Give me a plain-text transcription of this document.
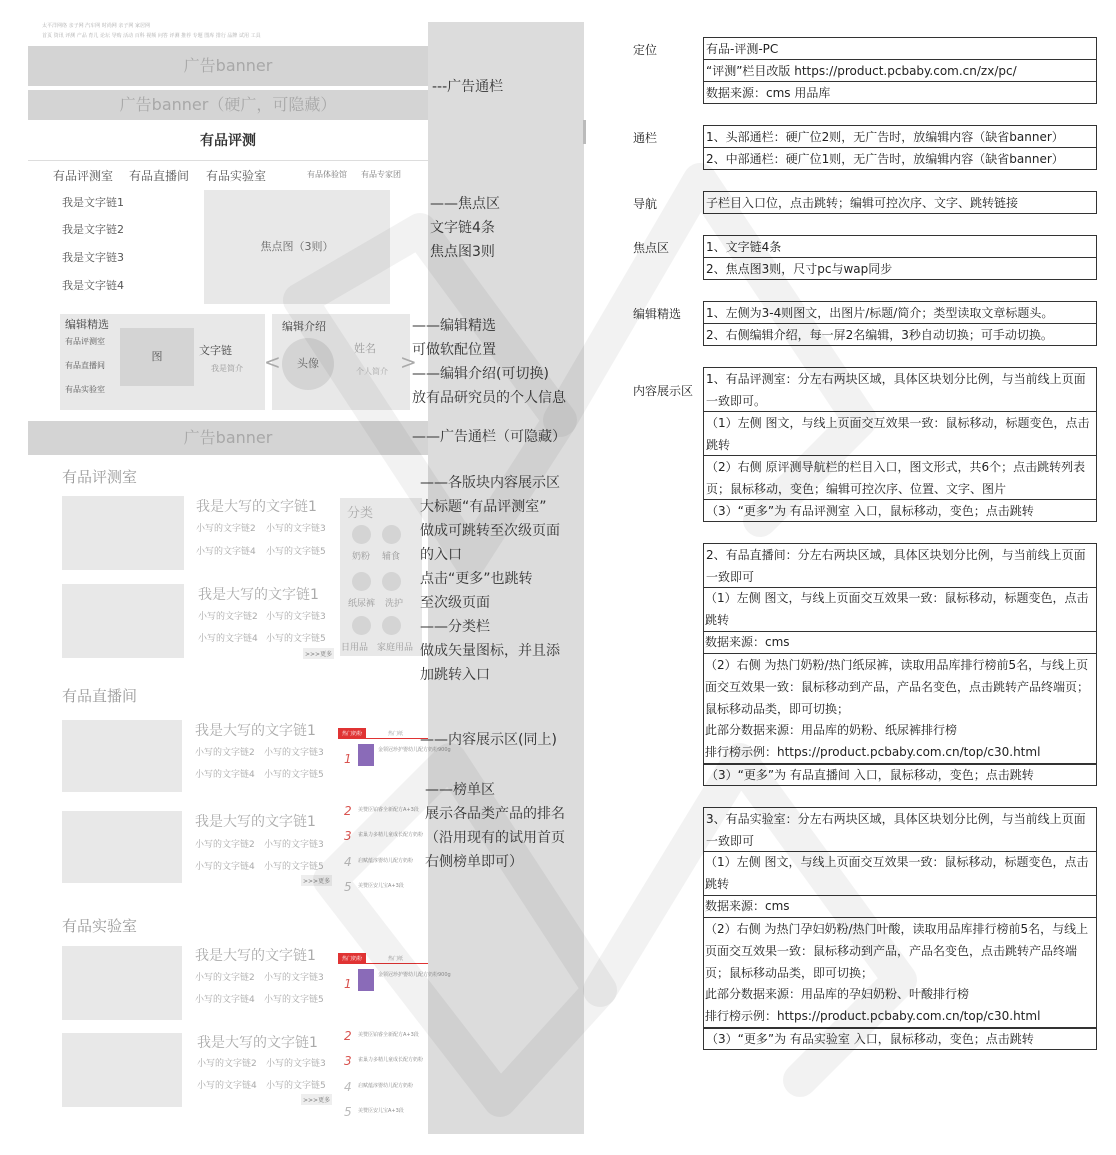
太平洋网络 亲子网 汽车网 时尚网 亲子网 家居网
首页 资讯 评测 产品 育儿 论坛 导购 活动 百科 视频 问答 评测 推荐 专题 图库 排行 品牌 试用 工具
广告banner
广告banner（硬广，可隐藏）
有品评测
有品评测室 有品直播间 有品实验室	有品体验馆 有品专家团
我是文字链1
我是文字链2
我是文字链3
我是文字链4
焦点图（3则）
编辑精选
有品评测室
有品直播间
有品实验室
图	文字链
我是简介
编辑介绍
<	头像
姓名
个人简介 >
广告banner
有品评测室
我是大写的文字链1
小写的文字链2 小写的文字链3
小写的文字链4 小写的文字链5
我是大写的文字链1
小写的文字链2 小写的文字链3
小写的文字链4 小写的文字链5
>>>更多
分类
奶粉 辅食
纸尿裤 洗护
日用品 家庭用品
有品直播间
我是大写的文字链1
小写的文字链2 小写的文字链3
小写的文字链4 小写的文字链5
我是大写的文字链1
小写的文字链2 小写的文字链3
小写的文字链4 小写的文字链5
>>>更多
热门奶粉	热门纸
1
金领冠珍护婴幼儿配方奶粉900g
2 美赞臣铂睿全新配方A+3段
3 雀巢力多精儿童成长配方奶粉
4 启赋蕴淳婴幼儿配方奶粉
5 美赞臣安儿宝A+3段
有品实验室
我是大写的文字链1
小写的文字链2 小写的文字链3
小写的文字链4 小写的文字链5
我是大写的文字链1
小写的文字链2 小写的文字链3
小写的文字链4 小写的文字链5
>>>更多
热门奶粉	热门纸
1
金领冠珍护婴幼儿配方奶粉900g
2 美赞臣铂睿全新配方A+3段
3 雀巢力多精儿童成长配方奶粉
4 启赋蕴淳婴幼儿配方奶粉
5 美赞臣安儿宝A+3段
---广告通栏
——焦点区
文字链4条
焦点图3则
——编辑精选
可做软配位置
——编辑介绍(可切换)
放有品研究员的个人信息
——广告通栏（可隐藏）
——各版块内容展示区
大标题“有品评测室”
做成可跳转至次级页面
的入口
点击“更多”也跳转
至次级页面
——分类栏
做成矢量图标，并且添
加跳转入口
——内容展示区(同上)
——榜单区
展示各品类产品的排名
（沿用现有的试用首页
右侧榜单即可）
定位	有品-评测-PC
“评测”栏目改版 https://product.pcbaby.com.cn/zx/pc/
数据来源：cms 用品库
通栏	1、头部通栏：硬广位2则，无广告时，放编辑内容（缺省banner）
2、中部通栏：硬广位1则，无广告时，放编辑内容（缺省banner）
导航	子栏目入口位，点击跳转；编辑可控次序、文字、跳转链接
焦点区	1、文字链4条
2、焦点图3则，尺寸pc与wap同步
编辑精选 1、左侧为3-4则图文，出图片/标题/简介；类型读取文章标题头。
2、右侧编辑介绍，每一屏2名编辑，3秒自动切换；可手动切换。
内容展示区
1、有品评测室：分左右两块区域，具体区块划分比例，与当前线上页面一致即可。
（1）左侧 图文，与线上页面交互效果一致：鼠标移动，标题变色，点击跳转
（2）右侧 原评测导航栏的栏目入口，图文形式，共6个；点击跳转列表页；鼠标移动，变色；编辑可控次序、位置、文字、图片
（3）“更多”为 有品评测室 入口，鼠标移动，变色；点击跳转
2、有品直播间：分左右两块区域，具体区块划分比例，与当前线上页面一致即可
（1）左侧 图文，与线上页面交互效果一致：鼠标移动，标题变色，点击跳转
数据来源：cms
（2）右侧 为热门奶粉/热门纸尿裤，读取用品库排行榜前5名，与线上页面交互效果一致：鼠标移动到产品，产品名变色，点击跳转产品终端页；鼠标移动品类，即可切换；
此部分数据来源：用品库的奶粉、纸尿裤排行榜
排行榜示例：https://product.pcbaby.com.cn/top/c30.html
（3）“更多”为 有品直播间 入口，鼠标移动，变色；点击跳转
3、有品实验室：分左右两块区域，具体区块划分比例，与当前线上页面一致即可
（1）左侧 图文，与线上页面交互效果一致：鼠标移动，标题变色，点击跳转
数据来源：cms
（2）右侧 为热门孕妇奶粉/热门叶酸，读取用品库排行榜前5名，与线上页面交互效果一致：鼠标移动到产品，产品名变色，点击跳转产品终端页；鼠标移动品类，即可切换；
此部分数据来源：用品库的孕妇奶粉、叶酸排行榜
排行榜示例：https://product.pcbaby.com.cn/top/c30.html
（3）“更多”为 有品实验室 入口，鼠标移动，变色；点击跳转
